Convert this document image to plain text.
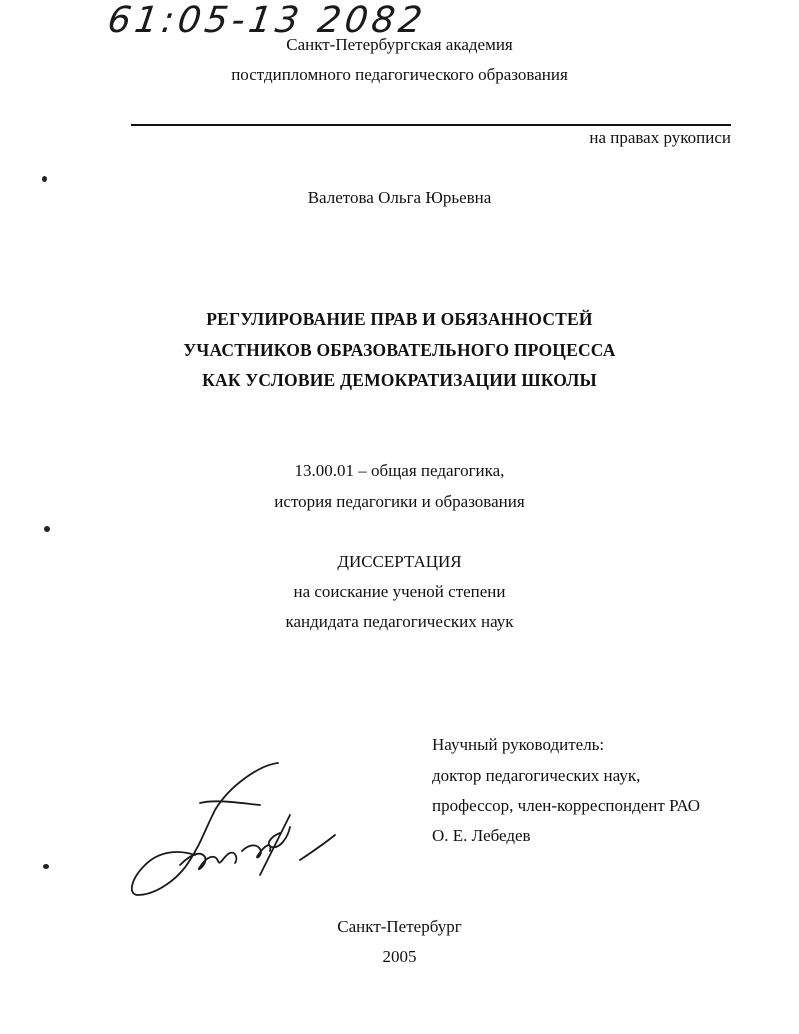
61:05-13 2082
Санкт-Петербургская академия
постдипломного педагогического образования
на правах рукописи
Валетова Ольга Юрьевна
РЕГУЛИРОВАНИЕ ПРАВ И ОБЯЗАННОСТЕЙ
УЧАСТНИКОВ ОБРАЗОВАТЕЛЬНОГО ПРОЦЕССА
КАК УСЛОВИЕ ДЕМОКРАТИЗАЦИИ ШКОЛЫ
13.00.01 – общая педагогика,
история педагогики и образования
ДИССЕРТАЦИЯ
на соискание ученой степени
кандидата педагогических наук
Научный руководитель:
доктор педагогических наук,
профессор, член-корреспондент РАО
О. Е. Лебедев
Санкт-Петербург
2005
